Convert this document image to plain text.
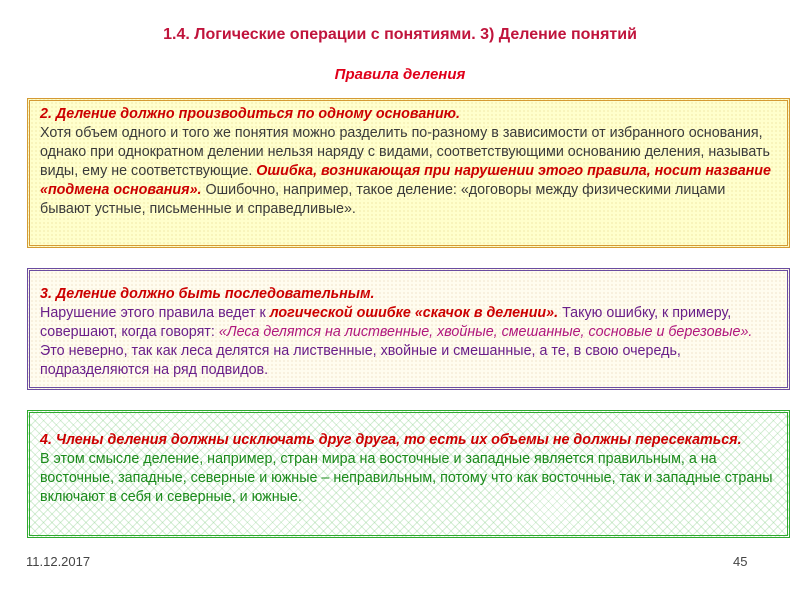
1.4. Логические операции с понятиями. 3) Деление понятий
Правила деления
2. Деление должно производиться по одному основанию.
Хотя объем одного и того же понятия можно разделить по-разному в зависимости от избранного основания, однако при однократном делении нельзя наряду с видами, соответствующими основанию деления, называть виды, ему не соответствующие. Ошибка, возникающая при нарушении этого правила, носит название «подмена основания». Ошибочно, например, такое деление: «договоры между физическими лицами бывают устные, письменные и справедливые».
3. Деление должно быть последовательным.
Нарушение этого правила ведет к логической ошибке «скачок в делении». Такую ошибку, к примеру, совершают, когда говорят: «Леса делятся на лиственные, хвойные, смешанные, сосновые и березовые». Это неверно, так как леса делятся на лиственные, хвойные и смешанные, а те, в свою очередь, подразделяются на ряд подвидов.
4. Члены деления должны исключать друг друга, то есть их объемы не должны пересекаться.
В этом смысле деление, например, стран мира на восточные и западные является правильным, а на восточные, западные, северные и южные – неправильным, потому что как восточные, так и западные страны включают в себя и северные, и южные.
11.12.2017	45
